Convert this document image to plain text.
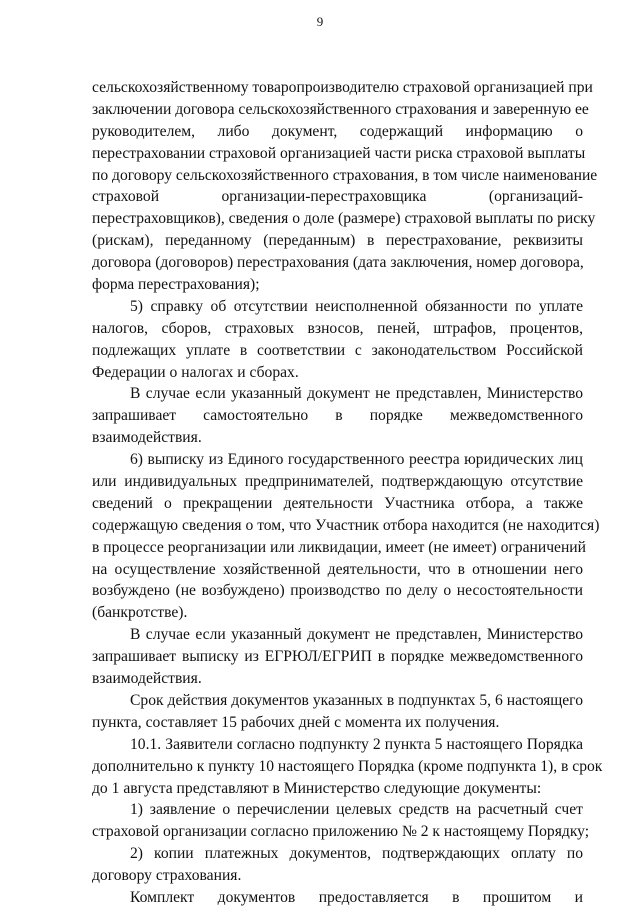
9
сельскохозяйственному товаропроизводителю страховой организацией при
заключении договора сельскохозяйственного страхования и заверенную ее
руководителем, либо документ, содержащий информацию о
перестраховании страховой организацией части риска страховой выплаты
по договору сельскохозяйственного страхования, в том числе наименование
страховой организации-перестраховщика (организаций-
перестраховщиков), сведения о доле (размере) страховой выплаты по риску
(рискам), переданному (переданным) в перестрахование, реквизиты
договора (договоров) перестрахования (дата заключения, номер договора,
форма перестрахования);
5) справку об отсутствии неисполненной обязанности по уплате
налогов, сборов, страховых взносов, пеней, штрафов, процентов,
подлежащих уплате в соответствии с законодательством Российской
Федерации о налогах и сборах.
В случае если указанный документ не представлен, Министерство
запрашивает самостоятельно в порядке межведомственного
взаимодействия.
6) выписку из Единого государственного реестра юридических лиц
или индивидуальных предпринимателей, подтверждающую отсутствие
сведений о прекращении деятельности Участника отбора, а также
содержащую сведения о том, что Участник отбора находится (не находится)
в процессе реорганизации или ликвидации, имеет (не имеет) ограничений
на осуществление хозяйственной деятельности, что в отношении него
возбуждено (не возбуждено) производство по делу о несостоятельности
(банкротстве).
В случае если указанный документ не представлен, Министерство
запрашивает выписку из ЕГРЮЛ/ЕГРИП в порядке межведомственного
взаимодействия.
Срок действия документов указанных в подпунктах 5, 6 настоящего
пункта, составляет 15 рабочих дней с момента их получения.
10.1. Заявители согласно подпункту 2 пункта 5 настоящего Порядка
дополнительно к пункту 10 настоящего Порядка (кроме подпункта 1), в срок
до 1 августа представляют в Министерство следующие документы:
1) заявление о перечислении целевых средств на расчетный счет
страховой организации согласно приложению № 2 к настоящему Порядку;
2) копии платежных документов, подтверждающих оплату по
договору страхования.
Комплект документов предоставляется в прошитом и
